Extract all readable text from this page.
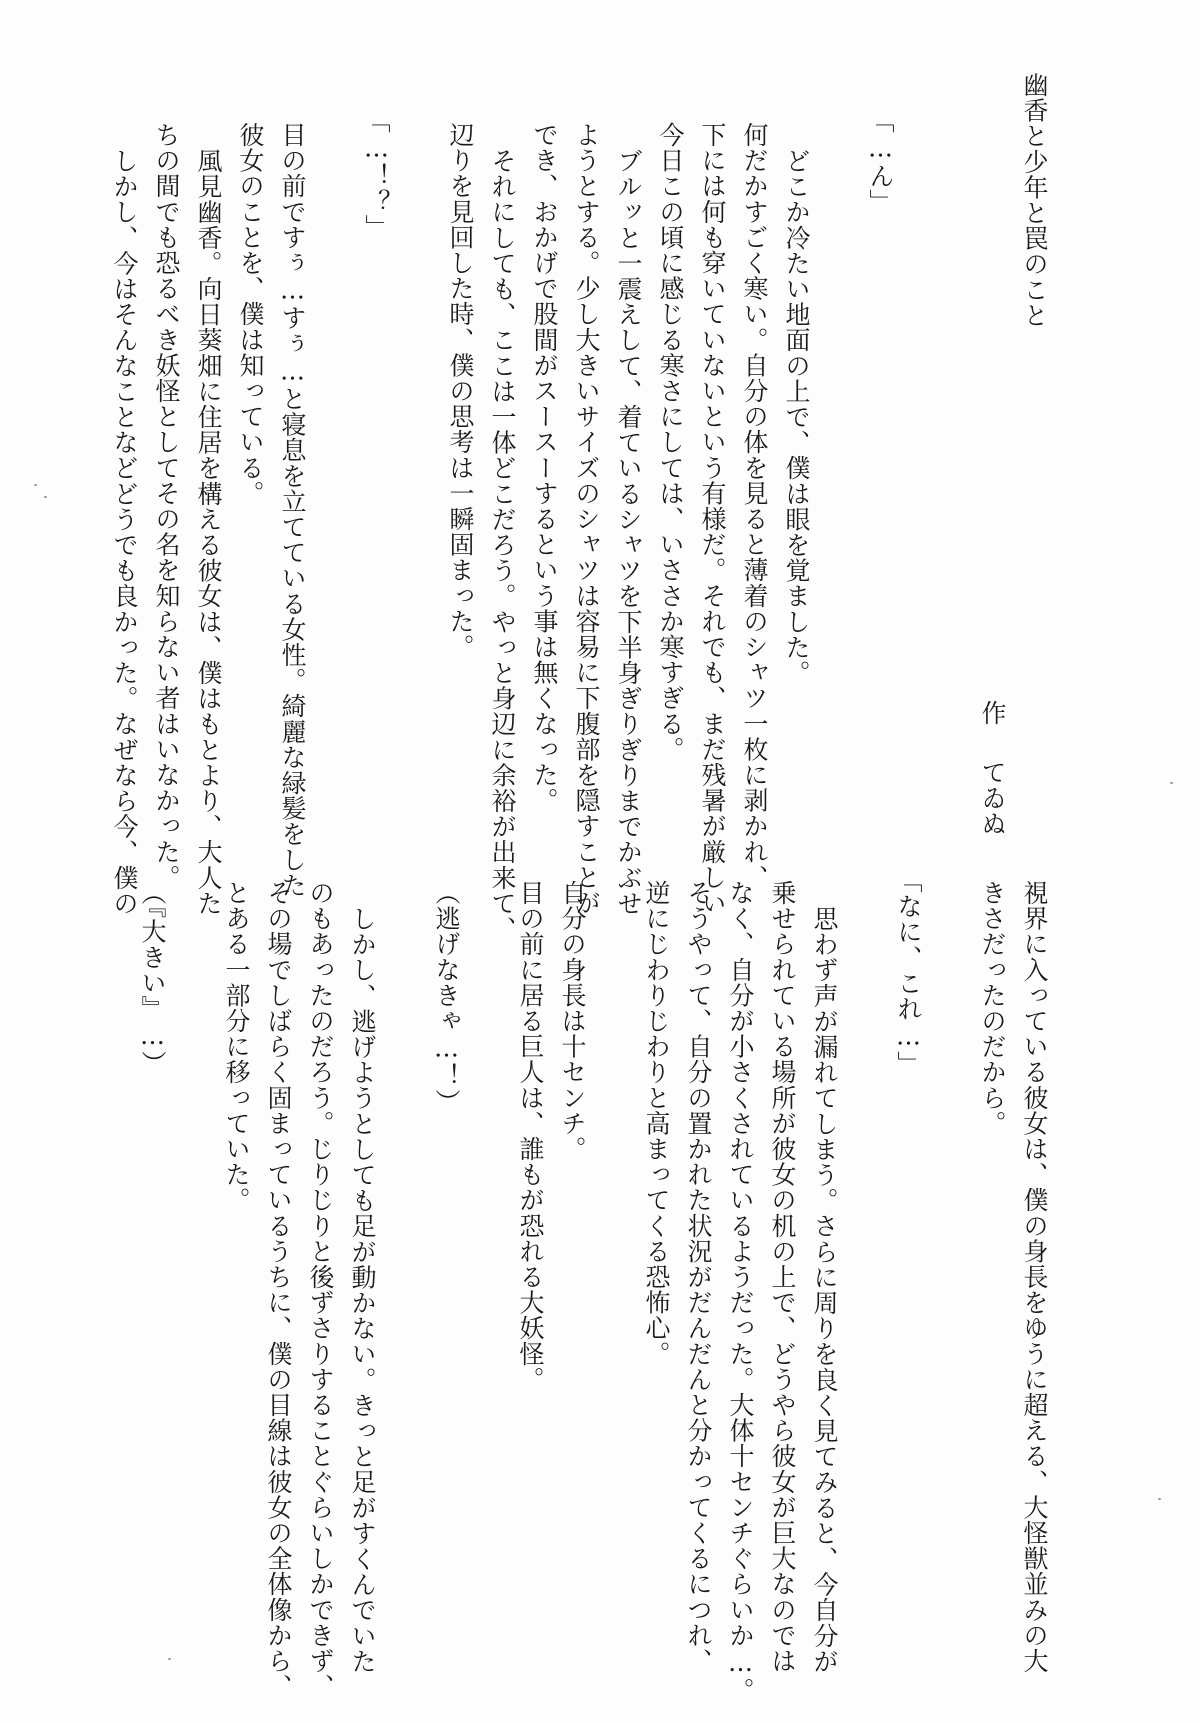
幽香と少年と罠のこと
作てゐぬ
「…ん」
どこか冷たい地面の上で、僕は眼を覚ました。
何だかすごく寒い。自分の体を見ると薄着のシャツ一枚に剥かれ、
下には何も穿いていないという有様だ。それでも、まだ残暑が厳しい
今日この頃に感じる寒さにしては、いささか寒すぎる。
ブルッと一震えして、着ているシャツを下半身ぎりぎりまでかぶせ
ようとする。少し大きいサイズのシャツは容易に下腹部を隠すことが
でき、おかげで股間がスースーするという事は無くなった。
それにしても、ここは一体どこだろう。やっと身辺に余裕が出来て、
辺りを見回した時、僕の思考は一瞬固まった。
「…！？」
目の前ですぅ…すぅ…と寝息を立てている女性。綺麗な緑髪をした
彼女のことを、僕は知っている。
風見幽香。向日葵畑に住居を構える彼女は、僕はもとより、大人た
ちの間でも恐るべき妖怪としてその名を知らない者はいなかった。
しかし、今はそんなことなどどうでも良かった。なぜなら今、僕の
視界に入っている彼女は、僕の身長をゆうに超える、大怪獣並みの大
きさだったのだから。
「なに、これ…」
思わず声が漏れてしまう。さらに周りを良く見てみると、今自分が
乗せられている場所が彼女の机の上で、どうやら彼女が巨大なのでは
なく、自分が小さくされているようだった。大体十センチぐらいか…。
そうやって、自分の置かれた状況がだんだんと分かってくるにつれ、
逆にじわりじわりと高まってくる恐怖心。
自分の身長は十センチ。
目の前に居る巨人は、誰もが恐れる大妖怪。
（逃げなきゃ…！）
しかし、逃げようとしても足が動かない。きっと足がすくんでいた
のもあったのだろう。じりじりと後ずさりすることぐらいしかできず、
その場でしばらく固まっているうちに、僕の目線は彼女の全体像から、
とある一部分に移っていた。
（『大きい』…）
